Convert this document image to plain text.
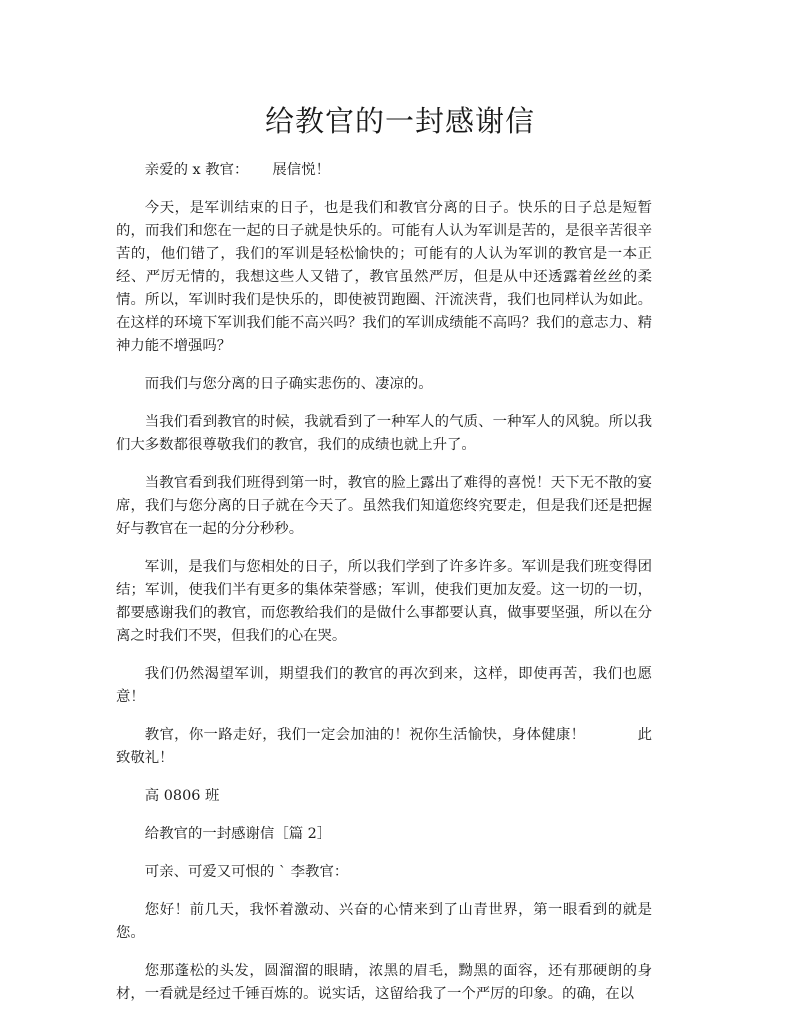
给教官的一封感谢信

亲爱的 x 教官： 展信悦！

今天，是军训结束的日子，也是我们和教官分离的日子。快乐的日子总是短暂的，而我们和您在一起的日子就是快乐的。可能有人认为军训是苦的，是很辛苦很辛苦的，他们错了，我们的军训是轻松愉快的；可能有的人认为军训的教官是一本正经、严厉无情的，我想这些人又错了，教官虽然严厉，但是从中还透露着丝丝的柔情。所以，军训时我们是快乐的，即使被罚跑圈、汗流浃背，我们也同样认为如此。在这样的环境下军训我们能不高兴吗？我们的军训成绩能不高吗？我们的意志力、精神力能不增强吗？

而我们与您分离的日子确实悲伤的、凄凉的。

当我们看到教官的时候，我就看到了一种军人的气质、一种军人的风貌。所以我们大多数都很尊敬我们的教官，我们的成绩也就上升了。

当教官看到我们班得到第一时，教官的脸上露出了难得的喜悦！天下无不散的宴席，我们与您分离的日子就在今天了。虽然我们知道您终究要走，但是我们还是把握好与教官在一起的分分秒秒。

军训，是我们与您相处的日子，所以我们学到了许多许多。军训是我们班变得团结；军训，使我们半有更多的集体荣誉感；军训，使我们更加友爱。这一切的一切，都要感谢我们的教官，而您教给我们的是做什么事都要认真，做事要坚强，所以在分离之时我们不哭，但我们的心在哭。

我们仍然渴望军训，期望我们的教官的再次到来，这样，即使再苦，我们也愿意！

教官，你一路走好，我们一定会加油的！祝你生活愉快，身体健康！	此致敬礼！

高 0806 班

给教官的一封感谢信［篇 2］

可亲、可爱又可恨的 ` 李教官：

您好！前几天，我怀着激动、兴奋的心情来到了山青世界，第一眼看到的就是您。

您那蓬松的头发，圆溜溜的眼睛，浓黑的眉毛，黝黑的面容，还有那硬朗的身材，一看就是经过千锤百炼的。说实话，这留给我了一个严厉的印象。的确，在以
